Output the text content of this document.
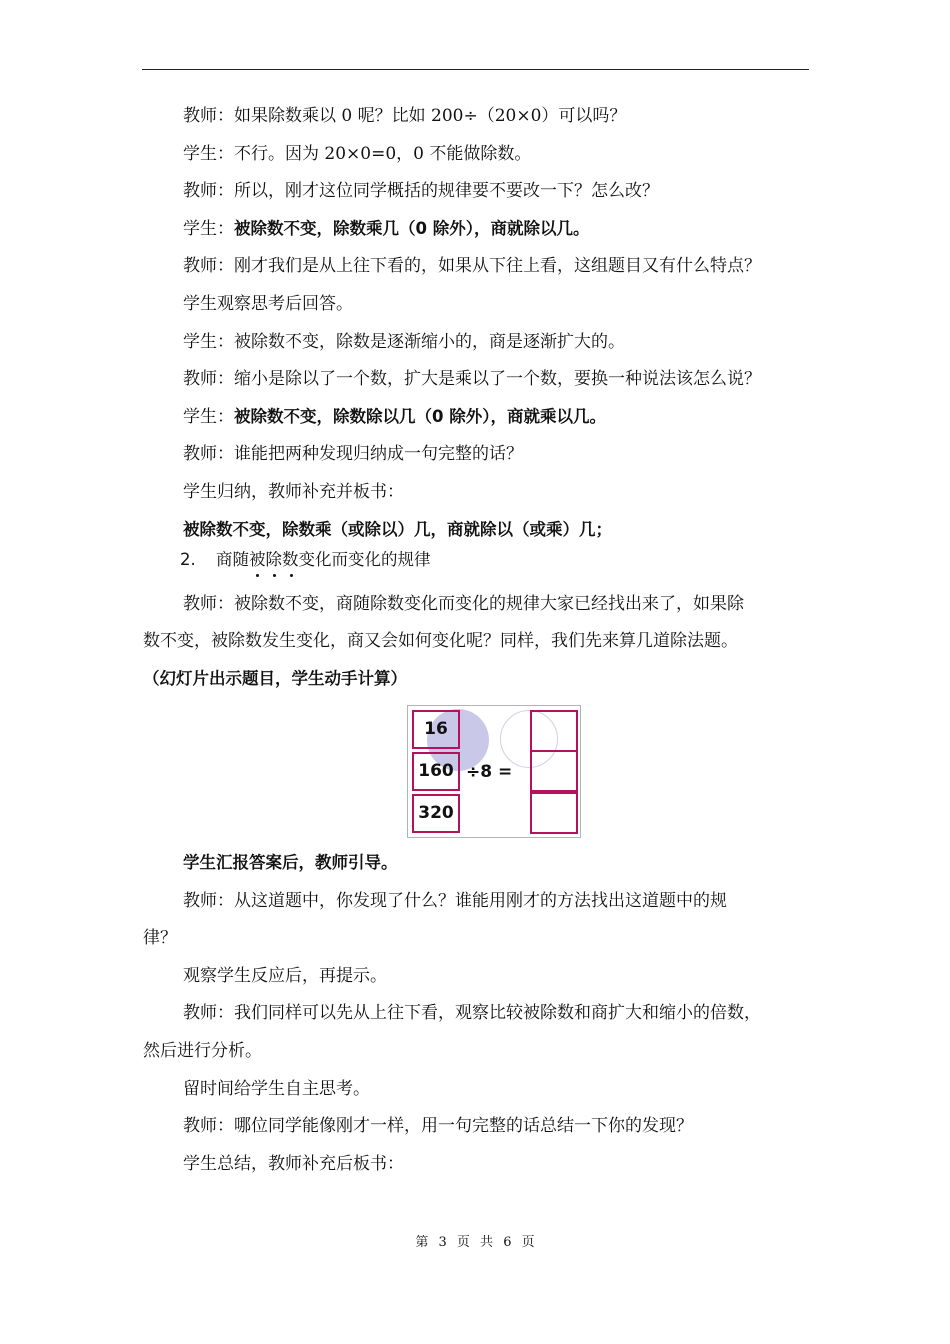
教师：如果除数乘以 0 呢？比如 200÷（20×0）可以吗？
学生：不行。因为 20×0=0，0 不能做除数。
教师：所以，刚才这位同学概括的规律要不要改一下？怎么改？
学生：被除数不变，除数乘几（0 除外），商就除以几。
教师：刚才我们是从上往下看的，如果从下往上看，这组题目又有什么特点？
学生观察思考后回答。
学生：被除数不变，除数是逐渐缩小的，商是逐渐扩大的。
教师：缩小是除以了一个数，扩大是乘以了一个数，要换一种说法该怎么说？
学生：被除数不变，除数除以几（0 除外），商就乘以几。
教师：谁能把两种发现归纳成一句完整的话？
学生归纳，教师补充并板书：
被除数不变，除数乘（或除以）几，商就除以（或乘）几；
2. 商随被除数变化而变化的规律
教师：被除数不变，商随除数变化而变化的规律大家已经找出来了，如果除
数不变，被除数发生变化，商又会如何变化呢？同样，我们先来算几道除法题。
（幻灯片出示题目，学生动手计算）
16
160
320
÷8 =
学生汇报答案后，教师引导。
教师：从这道题中，你发现了什么？谁能用刚才的方法找出这道题中的规
律？
观察学生反应后，再提示。
教师：我们同样可以先从上往下看，观察比较被除数和商扩大和缩小的倍数，
然后进行分析。
留时间给学生自主思考。
教师：哪位同学能像刚才一样，用一句完整的话总结一下你的发现？
学生总结，教师补充后板书：
第 3 页 共 6 页
